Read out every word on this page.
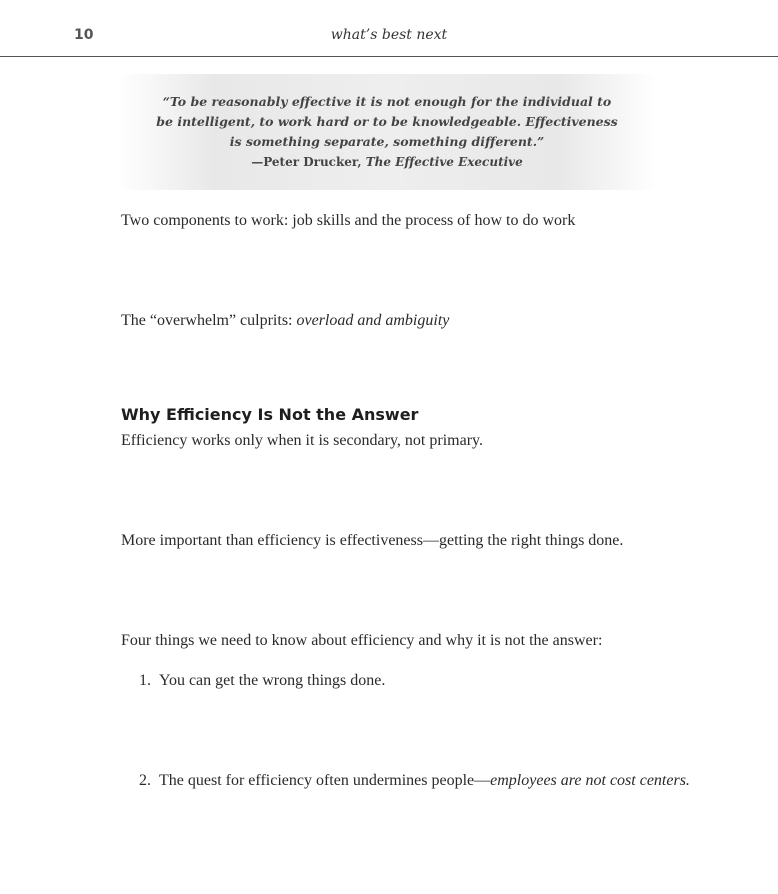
10	what’s best next
“To be reasonably effective it is not enough for the individual to
be intelligent, to work hard or to be knowledgeable. Effectiveness
is something separate, something different.”
—Peter Drucker, The Effective Executive
Two components to work: job skills and the process of how to do work
The “overwhelm” culprits: overload and ambiguity
Why Efficiency Is Not the Answer
Efficiency works only when it is secondary, not primary.
More important than efficiency is effectiveness—getting the right things done.
Four things we need to know about efficiency and why it is not the answer:
1. You can get the wrong things done.
2. The quest for efficiency often undermines people—employees are not cost centers.
